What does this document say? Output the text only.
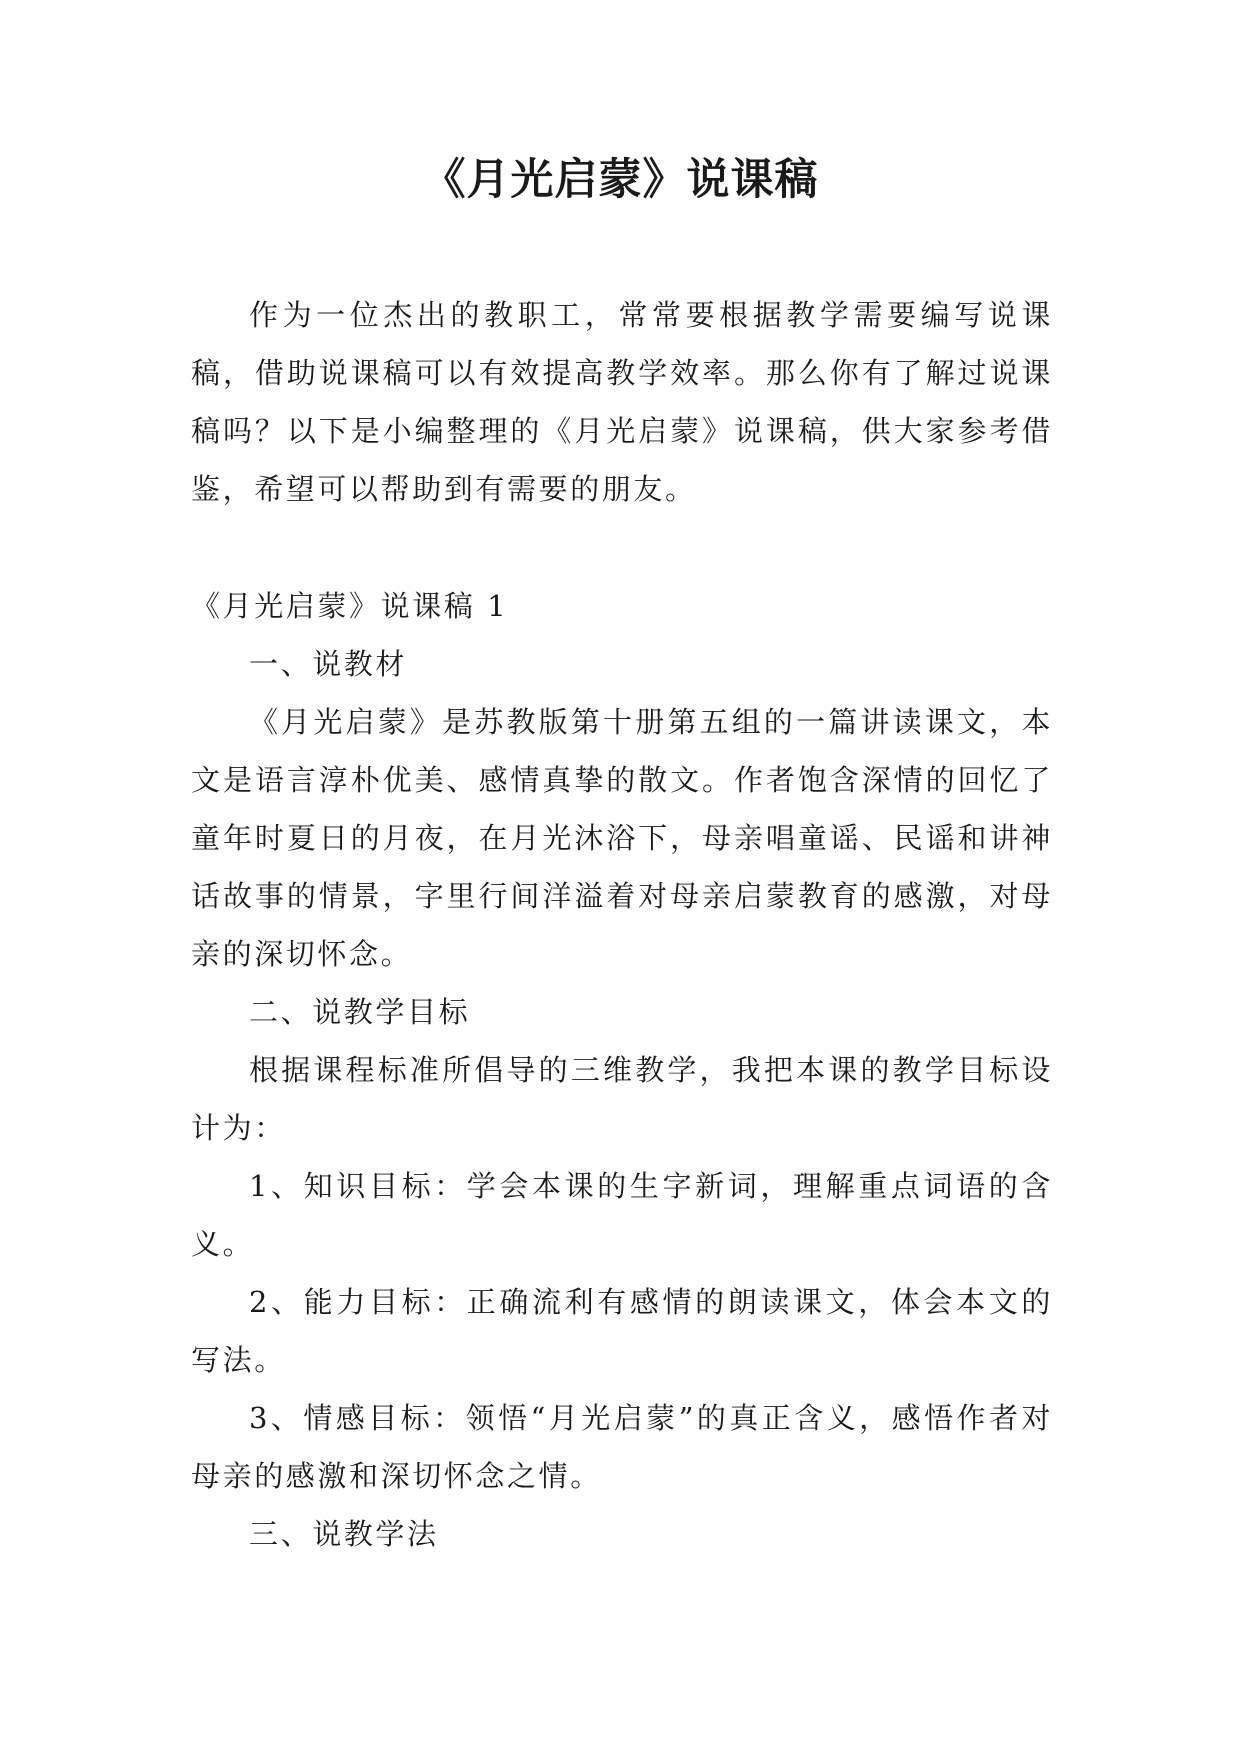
《月光启蒙》说课稿

作为一位杰出的教职工，常常要根据教学需要编写说课稿，借助说课稿可以有效提高教学效率。那么你有了解过说课稿吗？以下是小编整理的《月光启蒙》说课稿，供大家参考借鉴，希望可以帮助到有需要的朋友。

《月光启蒙》说课稿 1

一、说教材

《月光启蒙》是苏教版第十册第五组的一篇讲读课文，本文是语言淳朴优美、感情真挚的散文。作者饱含深情的回忆了童年时夏日的月夜，在月光沐浴下，母亲唱童谣、民谣和讲神话故事的情景，字里行间洋溢着对母亲启蒙教育的感激，对母亲的深切怀念。

二、说教学目标

根据课程标准所倡导的三维教学，我把本课的教学目标设计为：

1、知识目标：学会本课的生字新词，理解重点词语的含义。

2、能力目标：正确流利有感情的朗读课文，体会本文的写法。

3、情感目标：领悟“月光启蒙”的真正含义，感悟作者对母亲的感激和深切怀念之情。

三、说教学法
